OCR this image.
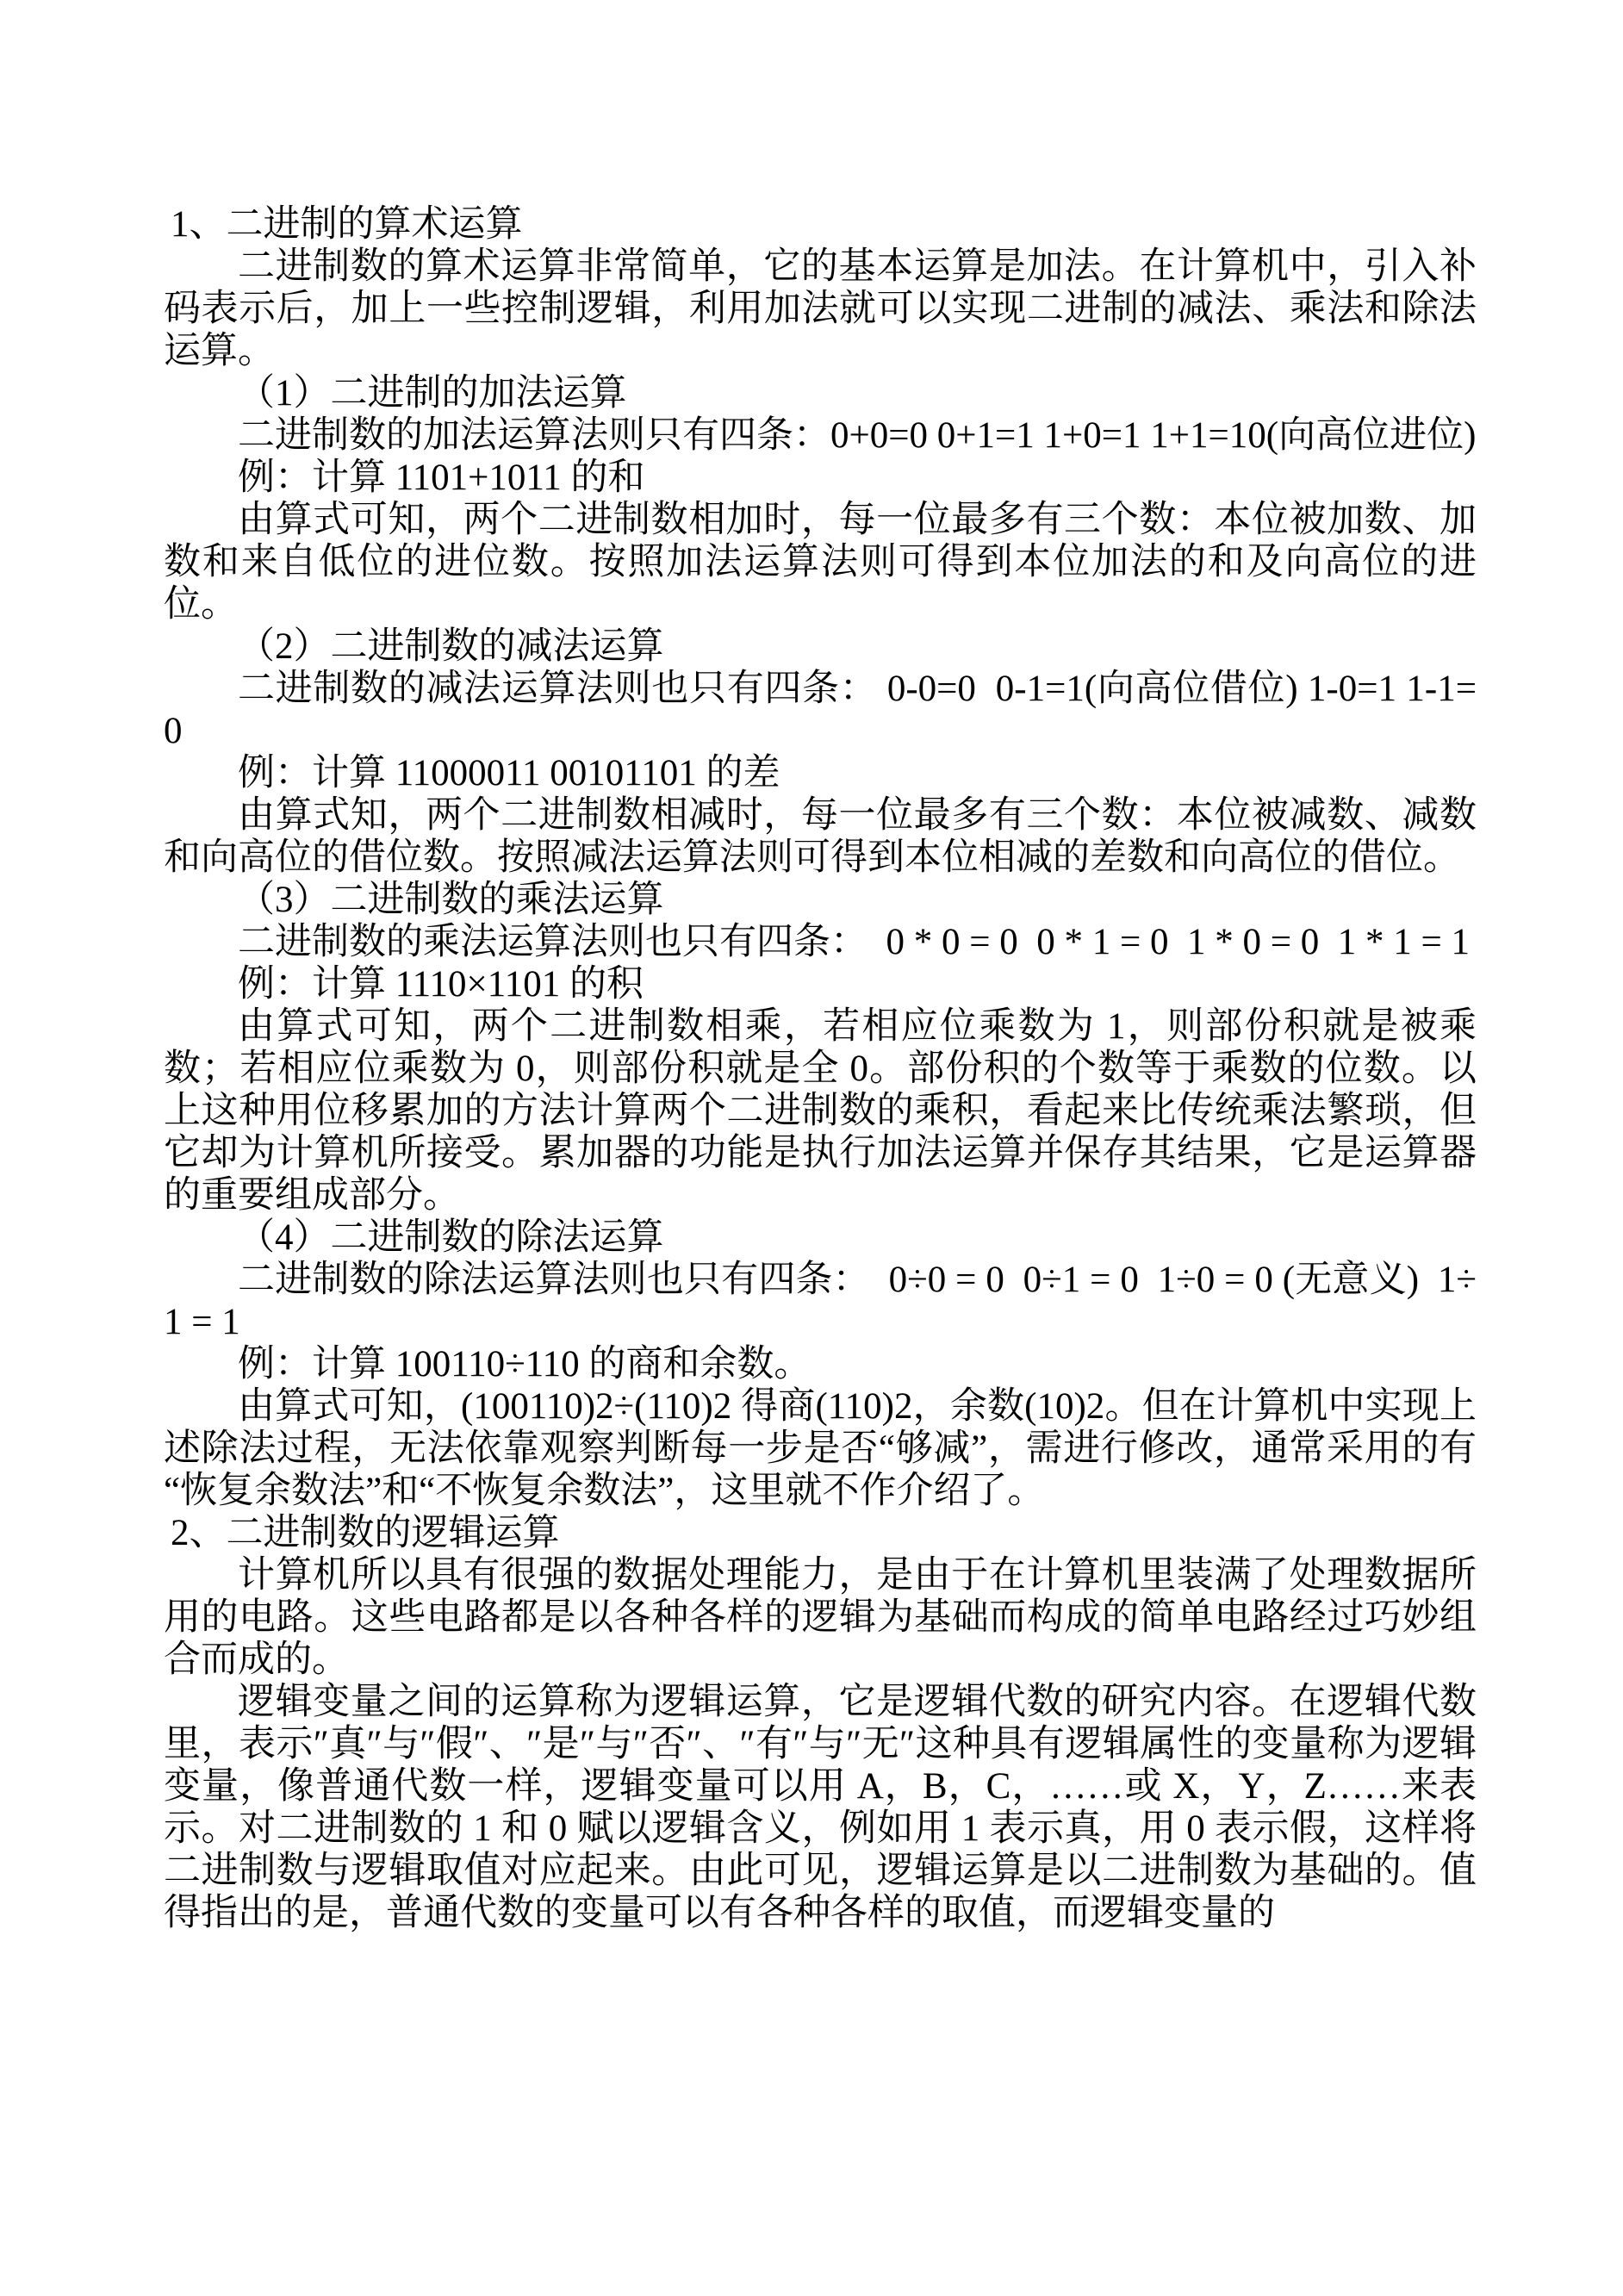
1、二进制的算术运算

二进制数的算术运算非常简单，它的基本运算是加法。在计算机中，引入补码表示后，加上一些控制逻辑，利用加法就可以实现二进制的减法、乘法和除法运算。

（1）二进制的加法运算

二进制数的加法运算法则只有四条：0+0=0 0+1=1 1+0=1 1+1=10(向高位进位)

例：计算 1101+1011 的和

由算式可知，两个二进制数相加时，每一位最多有三个数：本位被加数、加数和来自低位的进位数。按照加法运算法则可得到本位加法的和及向高位的进位。

（2）二进制数的减法运算

二进制数的减法运算法则也只有四条： 0-0=0  0-1=1(向高位借位) 1-0=1 1-1=0

例：计算 11000011 00101101 的差

由算式知，两个二进制数相减时，每一位最多有三个数：本位被减数、减数和向高位的借位数。按照减法运算法则可得到本位相减的差数和向高位的借位。

（3）二进制数的乘法运算

二进制数的乘法运算法则也只有四条：  0 * 0 = 0  0 * 1 = 0  1 * 0 = 0  1 * 1 = 1

例：计算 1110×1101 的积

由算式可知，两个二进制数相乘，若相应位乘数为 1，则部份积就是被乘数；若相应位乘数为 0，则部份积就是全 0。部份积的个数等于乘数的位数。以上这种用位移累加的方法计算两个二进制数的乘积，看起来比传统乘法繁琐，但它却为计算机所接受。累加器的功能是执行加法运算并保存其结果，它是运算器的重要组成部分。

（4）二进制数的除法运算

二进制数的除法运算法则也只有四条：  0÷0 = 0  0÷1 = 0  1÷0 = 0 (无意义)  1÷1 = 1

例：计算 100110÷110 的商和余数。

由算式可知，(100110)2÷(110)2 得商(110)2，余数(10)2。但在计算机中实现上述除法过程，无法依靠观察判断每一步是否“够减”，需进行修改，通常采用的有“恢复余数法”和“不恢复余数法”，这里就不作介绍了。

2、二进制数的逻辑运算

计算机所以具有很强的数据处理能力，是由于在计算机里装满了处理数据所用的电路。这些电路都是以各种各样的逻辑为基础而构成的简单电路经过巧妙组合而成的。

逻辑变量之间的运算称为逻辑运算，它是逻辑代数的研究内容。在逻辑代数里，表示″真″与″假″、″是″与″否″、″有″与″无″这种具有逻辑属性的变量称为逻辑变量，像普通代数一样，逻辑变量可以用 A，B，C，……或 X，Y，Z……来表示。对二进制数的 1 和 0 赋以逻辑含义，例如用 1 表示真，用 0 表示假，这样将二进制数与逻辑取值对应起来。由此可见，逻辑运算是以二进制数为基础的。值得指出的是，普通代数的变量可以有各种各样的取值，而逻辑变量的
